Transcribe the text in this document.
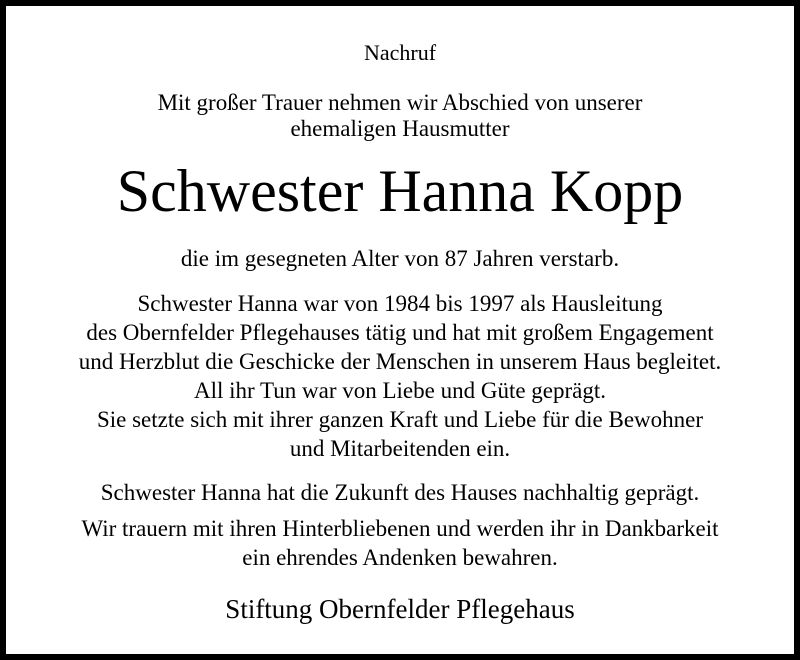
Nachruf
Mit großer Trauer nehmen wir Abschied von unserer
ehemaligen Hausmutter
Schwester Hanna Kopp
die im gesegneten Alter von 87 Jahren verstarb.
Schwester Hanna war von 1984 bis 1997 als Hausleitung
des Obernfelder Pflegehauses tätig und hat mit großem Engagement
und Herzblut die Geschicke der Menschen in unserem Haus begleitet.
All ihr Tun war von Liebe und Güte geprägt.
Sie setzte sich mit ihrer ganzen Kraft und Liebe für die Bewohner
und Mitarbeitenden ein.
Schwester Hanna hat die Zukunft des Hauses nachhaltig geprägt.
Wir trauern mit ihren Hinterbliebenen und werden ihr in Dankbarkeit
ein ehrendes Andenken bewahren.
Stiftung Obernfelder Pflegehaus
